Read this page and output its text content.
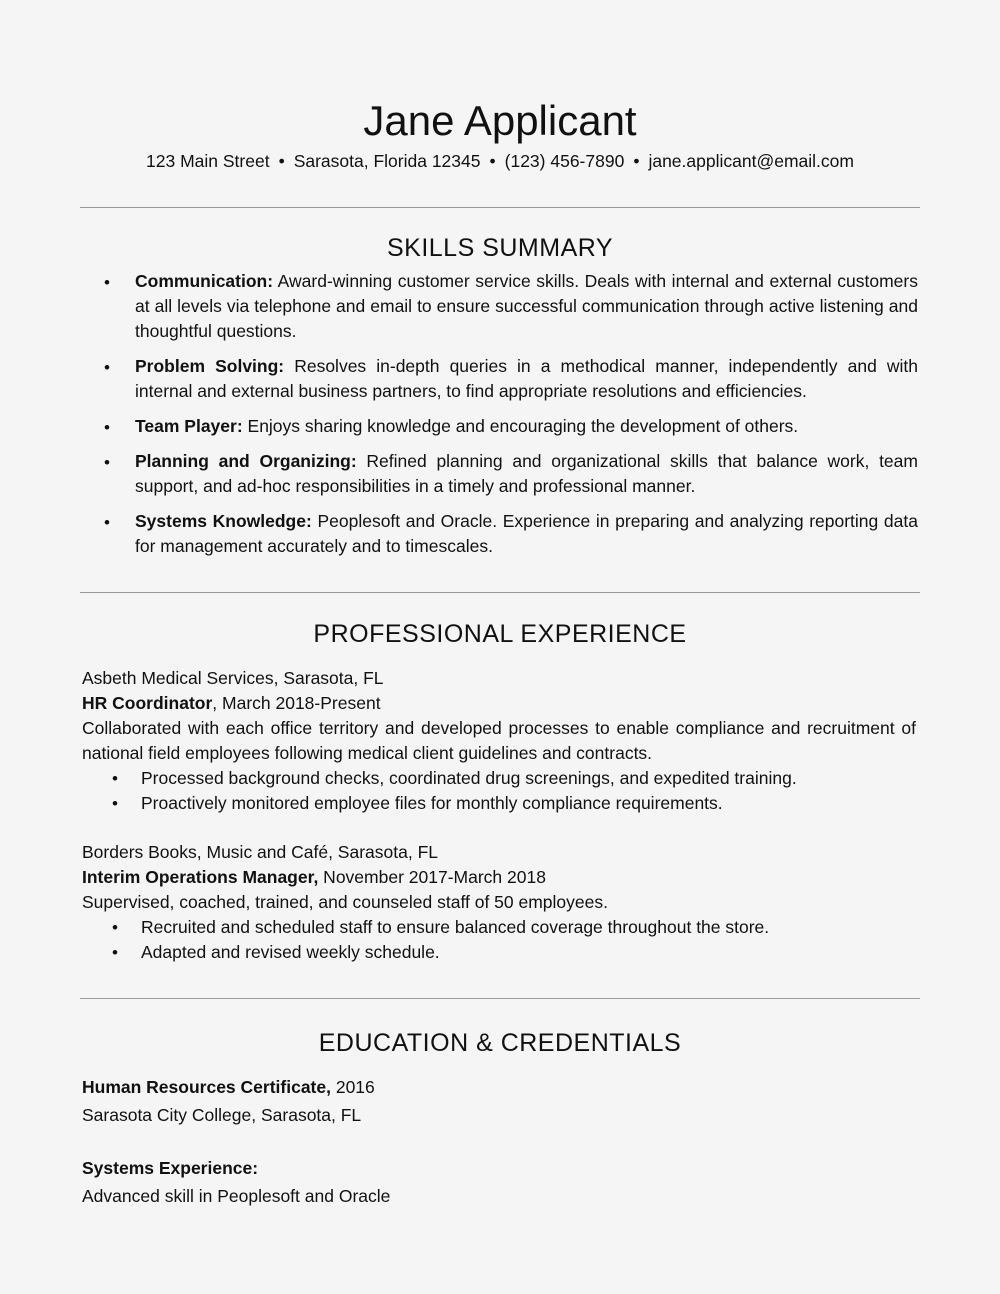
Jane Applicant
123 Main Street • Sarasota, Florida 12345 • (123) 456-7890 • jane.applicant@email.com
SKILLS SUMMARY
• Communication: Award-winning customer service skills. Deals with internal and external customers at all levels via telephone and email to ensure successful communication through active listening and thoughtful questions.
• Problem Solving: Resolves in-depth queries in a methodical manner, independently and with internal and external business partners, to find appropriate resolutions and efficiencies.
• Team Player: Enjoys sharing knowledge and encouraging the development of others.
• Planning and Organizing: Refined planning and organizational skills that balance work, team support, and ad-hoc responsibilities in a timely and professional manner.
• Systems Knowledge: Peoplesoft and Oracle. Experience in preparing and analyzing reporting data for management accurately and to timescales.
PROFESSIONAL EXPERIENCE
Asbeth Medical Services, Sarasota, FL
HR Coordinator, March 2018-Present
Collaborated with each office territory and developed processes to enable compliance and recruitment of national field employees following medical client guidelines and contracts.
• Processed background checks, coordinated drug screenings, and expedited training.
• Proactively monitored employee files for monthly compliance requirements.
Borders Books, Music and Café, Sarasota, FL
Interim Operations Manager, November 2017-March 2018
Supervised, coached, trained, and counseled staff of 50 employees.
• Recruited and scheduled staff to ensure balanced coverage throughout the store.
• Adapted and revised weekly schedule.
EDUCATION & CREDENTIALS
Human Resources Certificate, 2016
Sarasota City College, Sarasota, FL
Systems Experience:
Advanced skill in Peoplesoft and Oracle
